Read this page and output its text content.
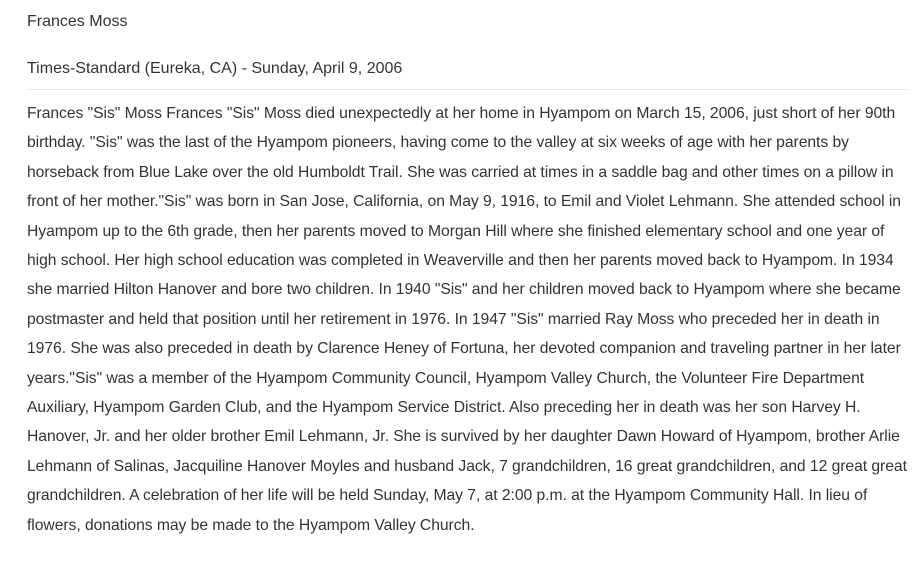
Frances Moss

Times-Standard (Eureka, CA) - Sunday, April 9, 2006

Frances "Sis" Moss Frances "Sis" Moss died unexpectedly at her home in Hyampom on March 15, 2006, just short of her 90th birthday. "Sis" was the last of the Hyampom pioneers, having come to the valley at six weeks of age with her parents by horseback from Blue Lake over the old Humboldt Trail. She was carried at times in a saddle bag and other times on a pillow in front of her mother."Sis" was born in San Jose, California, on May 9, 1916, to Emil and Violet Lehmann. She attended school in Hyampom up to the 6th grade, then her parents moved to Morgan Hill where she finished elementary school and one year of high school. Her high school education was completed in Weaverville and then her parents moved back to Hyampom. In 1934 she married Hilton Hanover and bore two children. In 1940 "Sis" and her children moved back to Hyampom where she became postmaster and held that position until her retirement in 1976. In 1947 "Sis" married Ray Moss who preceded her in death in 1976. She was also preceded in death by Clarence Heney of Fortuna, her devoted companion and traveling partner in her later years."Sis" was a member of the Hyampom Community Council, Hyampom Valley Church, the Volunteer Fire Department Auxiliary, Hyampom Garden Club, and the Hyampom Service District. Also preceding her in death was her son Harvey H. Hanover, Jr. and her older brother Emil Lehmann, Jr. She is survived by her daughter Dawn Howard of Hyampom, brother Arlie Lehmann of Salinas, Jacquiline Hanover Moyles and husband Jack, 7 grandchildren, 16 great grandchildren, and 12 great great grandchildren. A celebration of her life will be held Sunday, May 7, at 2:00 p.m. at the Hyampom Community Hall. In lieu of flowers, donations may be made to the Hyampom Valley Church.
